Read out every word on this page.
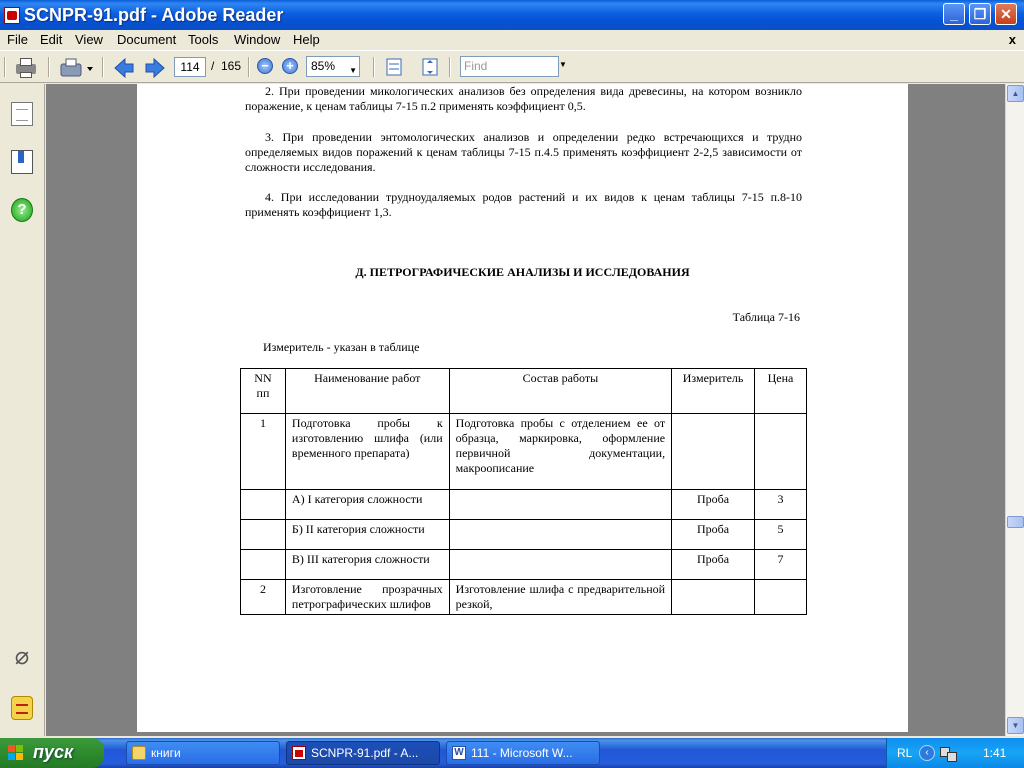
SCNPR-91.pdf - Adobe Reader	_	❐ ✕
File Edit View Document Tools Window Help	x
114 / 165	−	+	85% ▼	Find	▼
?
⌀

2. При проведении микологических анализов без определения вида древесины, на котором возникло поражение, к ценам таблицы 7-15 п.2 применять коэффициент 0,5.

3. При проведении энтомологических анализов и определении редко встречающихся и трудно определяемых видов поражений к ценам таблицы 7-15 п.4.5 применять коэффициент 2-2,5 зависимости от сложности исследования.

4. При исследовании трудноудаляемых родов растений и их видов к ценам таблицы 7-15 п.8-10 применять коэффициент 1,3.

Д. ПЕТРОГРАФИЧЕСКИЕ АНАЛИЗЫ И ИССЛЕДОВАНИЯ
Таблица 7-16
Измеритель - указан в таблице
NN пп	Наименование работ	Состав работы	Измеритель	Цена
1	Подготовка пробы к изготовлению шлифа (или временного препарата)	Подготовка пробы с отделением ее от образца, маркировка, оформление первичной документации, макроописание		
	А) I категория сложности		Проба	3
	Б) II категория сложности		Проба	5
	В) III категория сложности		Проба	7
2	Изготовление прозрачных петрографических шлифов	Изготовление шлифа с предварительной резкой,		
▲
▼
пуск	книги	SCNPR-91.pdf - A...	W 111 - Microsoft W...	RL	‹	1:41
